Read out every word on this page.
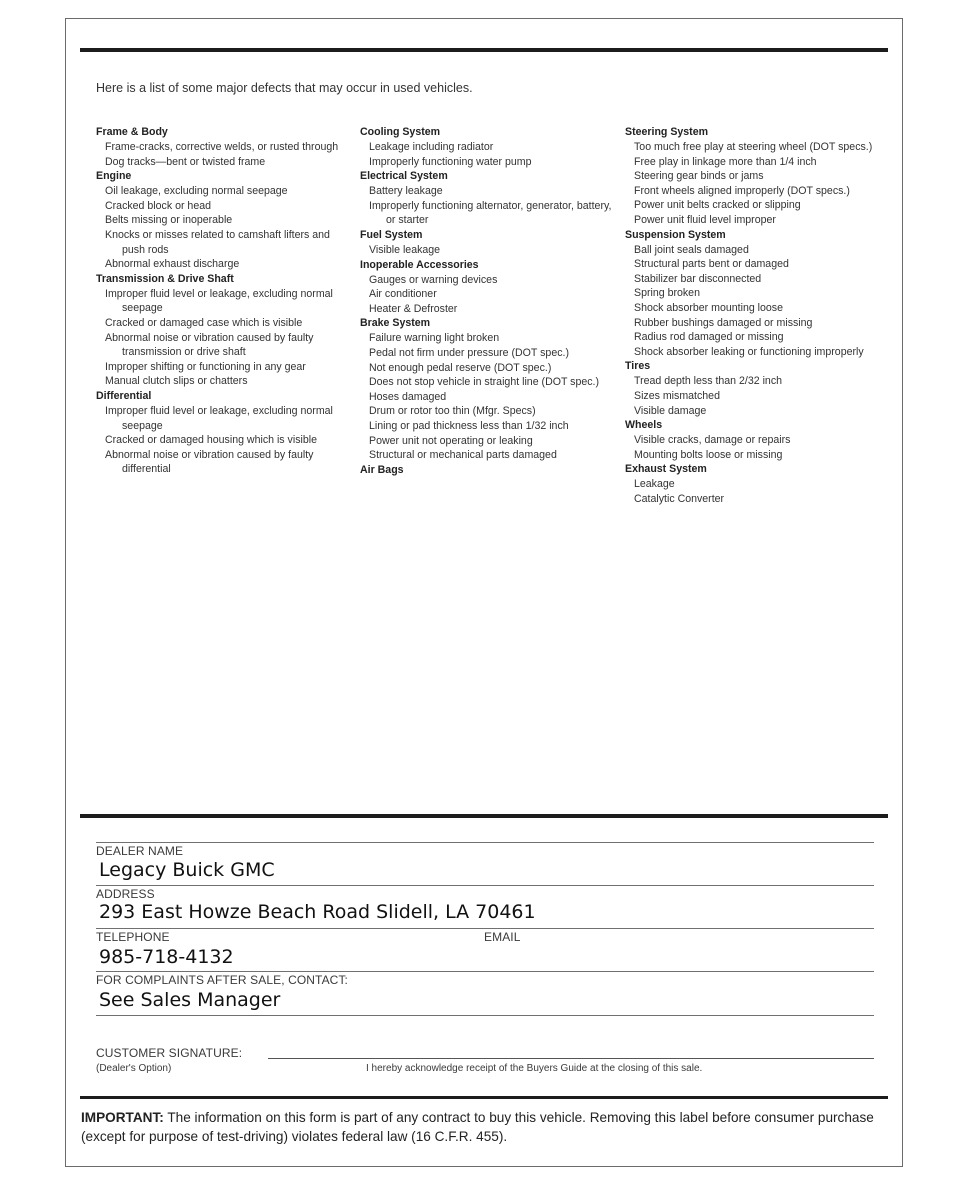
Here is a list of some major defects that may occur in used vehicles.
Frame & Body
Frame-cracks, corrective welds, or rusted through
Dog tracks—bent or twisted frame
Engine
Oil leakage, excluding normal seepage
Cracked block or head
Belts missing or inoperable
Knocks or misses related to camshaft lifters and push rods
Abnormal exhaust discharge
Transmission & Drive Shaft
Improper fluid level or leakage, excluding normal seepage
Cracked or damaged case which is visible
Abnormal noise or vibration caused by faulty transmission or drive shaft
Improper shifting or functioning in any gear
Manual clutch slips or chatters
Differential
Improper fluid level or leakage, excluding normal seepage
Cracked or damaged housing which is visible
Abnormal noise or vibration caused by faulty differential
Cooling System
Leakage including radiator
Improperly functioning water pump
Electrical System
Battery leakage
Improperly functioning alternator, generator, battery, or starter
Fuel System
Visible leakage
Inoperable Accessories
Gauges or warning devices
Air conditioner
Heater & Defroster
Brake System
Failure warning light broken
Pedal not firm under pressure (DOT spec.)
Not enough pedal reserve (DOT spec.)
Does not stop vehicle in straight line (DOT spec.)
Hoses damaged
Drum or rotor too thin (Mfgr. Specs)
Lining or pad thickness less than 1/32 inch
Power unit not operating or leaking
Structural or mechanical parts damaged
Air Bags
Steering System
Too much free play at steering wheel (DOT specs.)
Free play in linkage more than 1/4 inch
Steering gear binds or jams
Front wheels aligned improperly (DOT specs.)
Power unit belts cracked or slipping
Power unit fluid level improper
Suspension System
Ball joint seals damaged
Structural parts bent or damaged
Stabilizer bar disconnected
Spring broken
Shock absorber mounting loose
Rubber bushings damaged or missing
Radius rod damaged or missing
Shock absorber leaking or functioning improperly
Tires
Tread depth less than 2/32 inch
Sizes mismatched
Visible damage
Wheels
Visible cracks, damage or repairs
Mounting bolts loose or missing
Exhaust System
Leakage
Catalytic Converter
DEALER NAME
Legacy Buick GMC
ADDRESS
293 East Howze Beach Road Slidell, LA 70461
TELEPHONE	EMAIL
985-718-4132
FOR COMPLAINTS AFTER SALE, CONTACT:
See Sales Manager
CUSTOMER SIGNATURE:
(Dealer's Option)	I hereby acknowledge receipt of the Buyers Guide at the closing of this sale.
IMPORTANT: The information on this form is part of any contract to buy this vehicle. Removing this label before consumer purchase (except for purpose of test-driving) violates federal law (16 C.F.R. 455).
